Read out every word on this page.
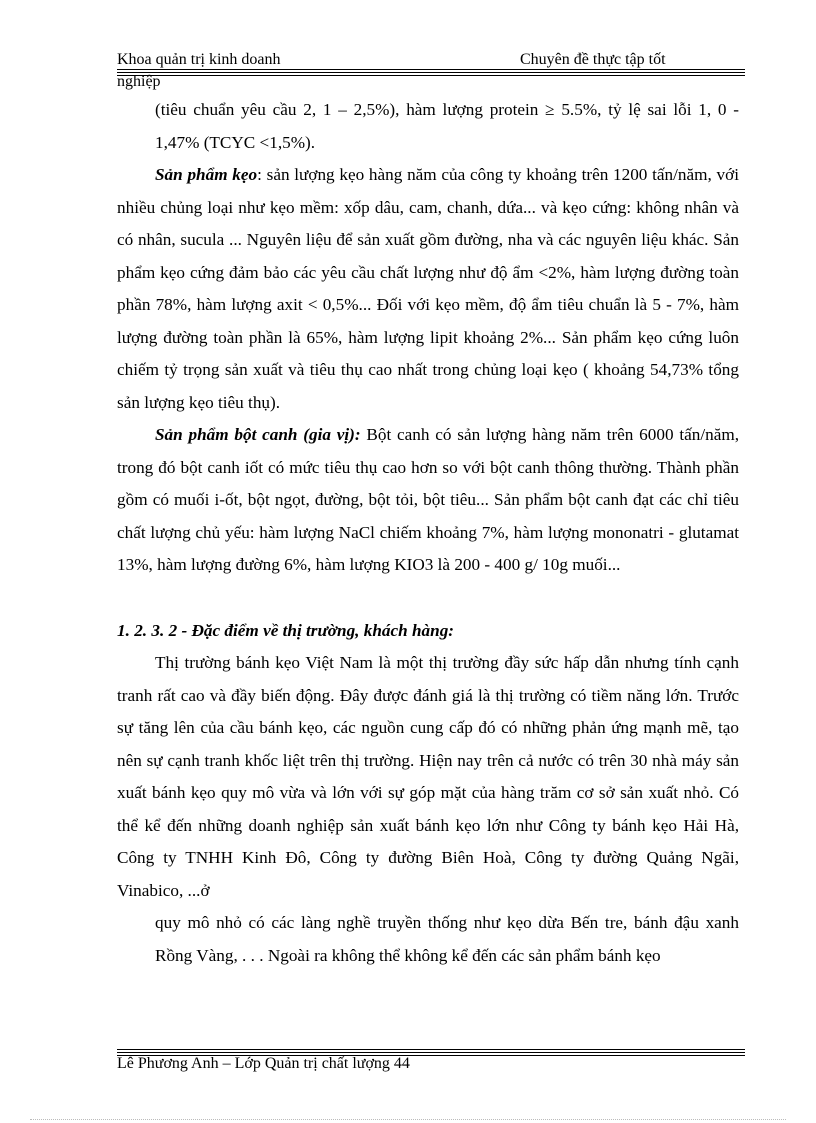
Khoa quản trị kinh doanh	Chuyên đề thực tập tốt
nghiệp

(tiêu chuẩn yêu cầu 2, 1 – 2,5%), hàm lượng protein ≥ 5.5%, tỷ lệ sai lỗi 1, 0 - 1,47% (TCYC <1,5%).

Sản phẩm kẹo: sản lượng kẹo hàng năm của công ty khoảng trên 1200 tấn/năm, với nhiều chủng loại như kẹo mềm: xốp dâu, cam, chanh, dứa... và kẹo cứng: không nhân và có nhân, sucula ... Nguyên liệu để sản xuất gồm đường, nha và các nguyên liệu khác. Sản phẩm kẹo cứng đảm bảo các yêu cầu chất lượng như độ ẩm <2%, hàm lượng đường toàn phần 78%, hàm lượng axit < 0,5%... Đối với kẹo mềm, độ ẩm tiêu chuẩn là 5 - 7%, hàm lượng đường toàn phần là 65%, hàm lượng lipit khoảng 2%... Sản phẩm kẹo cứng luôn chiếm tỷ trọng sản xuất và tiêu thụ cao nhất trong chủng loại kẹo ( khoảng 54,73% tổng sản lượng kẹo tiêu thụ).

Sản phẩm bột canh (gia vị): Bột canh có sản lượng hàng năm trên 6000 tấn/năm, trong đó bột canh iốt có mức tiêu thụ cao hơn so với bột canh thông thường. Thành phần gồm có muối i-ốt, bột ngọt, đường, bột tỏi, bột tiêu... Sản phẩm bột canh đạt các chỉ tiêu chất lượng chủ yếu: hàm lượng NaCl chiếm khoảng 7%, hàm lượng mononatri - glutamat 13%, hàm lượng đường 6%, hàm lượng KIO3 là 200 - 400 g/ 10g muối...

1. 2. 3. 2 - Đặc điểm về thị trường, khách hàng:

Thị trường bánh kẹo Việt Nam là một thị trường đầy sức hấp dẫn nhưng tính cạnh tranh rất cao và đầy biến động. Đây được đánh giá là thị trường có tiềm năng lớn. Trước sự tăng lên của cầu bánh kẹo, các nguồn cung cấp đó có những phản ứng mạnh mẽ, tạo nên sự cạnh tranh khốc liệt trên thị trường. Hiện nay trên cả nước có trên 30 nhà máy sản xuất bánh kẹo quy mô vừa và lớn với sự góp mặt của hàng trăm cơ sở sản xuất nhỏ. Có thể kể đến những doanh nghiệp sản xuất bánh kẹo lớn như Công ty bánh kẹo Hải Hà, Công ty TNHH Kinh Đô, Công ty đường Biên Hoà, Công ty đường Quảng Ngãi, Vinabico, ...ở

quy mô nhỏ có các làng nghề truyền thống như kẹo dừa Bến tre, bánh đậu xanh Rồng Vàng, . . . Ngoài ra không thể không kể đến các sản phẩm bánh kẹo

Lê Phương Anh – Lớp Quản trị chất lượng 44
